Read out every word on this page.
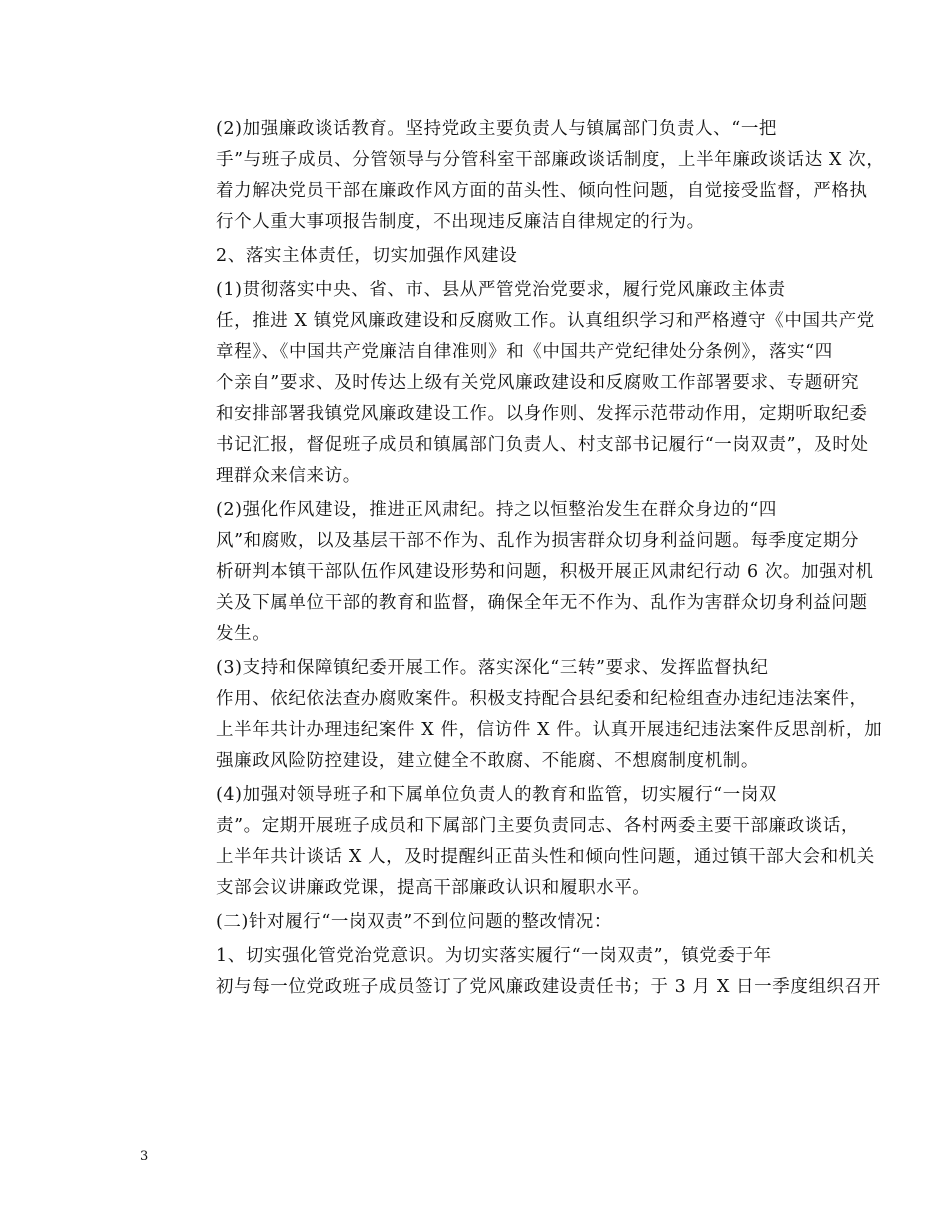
(2)加强廉政谈话教育。坚持党政主要负责人与镇属部门负责人、“一把
手”与班子成员、分管领导与分管科室干部廉政谈话制度，上半年廉政谈话达 X 次，
着力解决党员干部在廉政作风方面的苗头性、倾向性问题，自觉接受监督，严格执
行个人重大事项报告制度，不出现违反廉洁自律规定的行为。

2、落实主体责任，切实加强作风建设

(1)贯彻落实中央、省、市、县从严管党治党要求，履行党风廉政主体责
任，推进 X 镇党风廉政建设和反腐败工作。认真组织学习和严格遵守《中国共产党
章程》、《中国共产党廉洁自律准则》和《中国共产党纪律处分条例》，落实“四
个亲自”要求、及时传达上级有关党风廉政建设和反腐败工作部署要求、专题研究
和安排部署我镇党风廉政建设工作。以身作则、发挥示范带动作用，定期听取纪委
书记汇报，督促班子成员和镇属部门负责人、村支部书记履行“一岗双责”，及时处
理群众来信来访。

(2)强化作风建设，推进正风肃纪。持之以恒整治发生在群众身边的“四
风”和腐败，以及基层干部不作为、乱作为损害群众切身利益问题。每季度定期分
析研判本镇干部队伍作风建设形势和问题，积极开展正风肃纪行动 6 次。加强对机
关及下属单位干部的教育和监督，确保全年无不作为、乱作为害群众切身利益问题
发生。

(3)支持和保障镇纪委开展工作。落实深化“三转”要求、发挥监督执纪
作用、依纪依法查办腐败案件。积极支持配合县纪委和纪检组查办违纪违法案件，
上半年共计办理违纪案件 X 件，信访件 X 件。认真开展违纪违法案件反思剖析，加
强廉政风险防控建设，建立健全不敢腐、不能腐、不想腐制度机制。

(4)加强对领导班子和下属单位负责人的教育和监管，切实履行“一岗双
责”。定期开展班子成员和下属部门主要负责同志、各村两委主要干部廉政谈话，
上半年共计谈话 X 人，及时提醒纠正苗头性和倾向性问题，通过镇干部大会和机关
支部会议讲廉政党课，提高干部廉政认识和履职水平。

(二)针对履行“一岗双责”不到位问题的整改情况：

1、切实强化管党治党意识。为切实落实履行“一岗双责”，镇党委于年
初与每一位党政班子成员签订了党风廉政建设责任书；于 3 月 X 日一季度组织召开

3
